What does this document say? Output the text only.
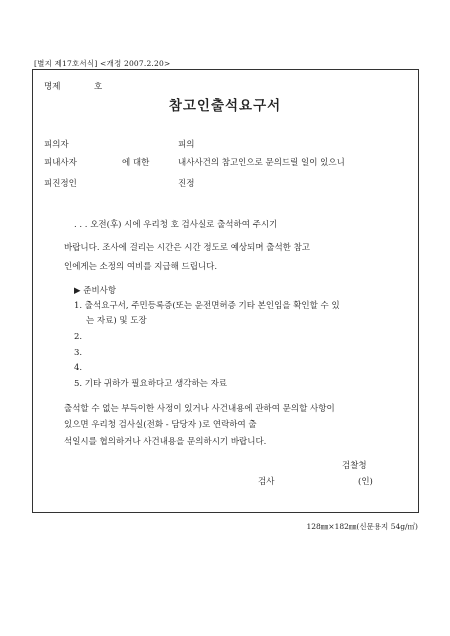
[별지 제17호서식] <개정 2007.2.20>
명제	호
참고인출석요구서
피의자	피의
피내사자	에 대한	내사사건의 참고인으로 문의드릴 일이 있으니
피진정인	진정
. . . 오전(후) 시에 우리청 호 검사실로 출석하여 주시기
바랍니다. 조사에 걸리는 시간은 시간 정도로 예상되며 출석한 참고
인에게는 소정의 여비를 지급해 드립니다.
▶ 준비사항
1. 출석요구서, 주민등록증(또는 운전면허증 기타 본인임을 확인할 수 있
는 자료) 및 도장
2.
3.
4.
5. 기타 귀하가 필요하다고 생각하는 자료
출석할 수 없는 부득이한 사정이 있거나 사건내용에 관하여 문의할 사항이
있으면 우리청 검사실(전화 - 담당자 )로 연락하여 출
석일시를 협의하거나 사건내용을 문의하시기 바랍니다.
검찰청
검사	(인)
128㎜×182㎜(신문용지 54g/㎡)
